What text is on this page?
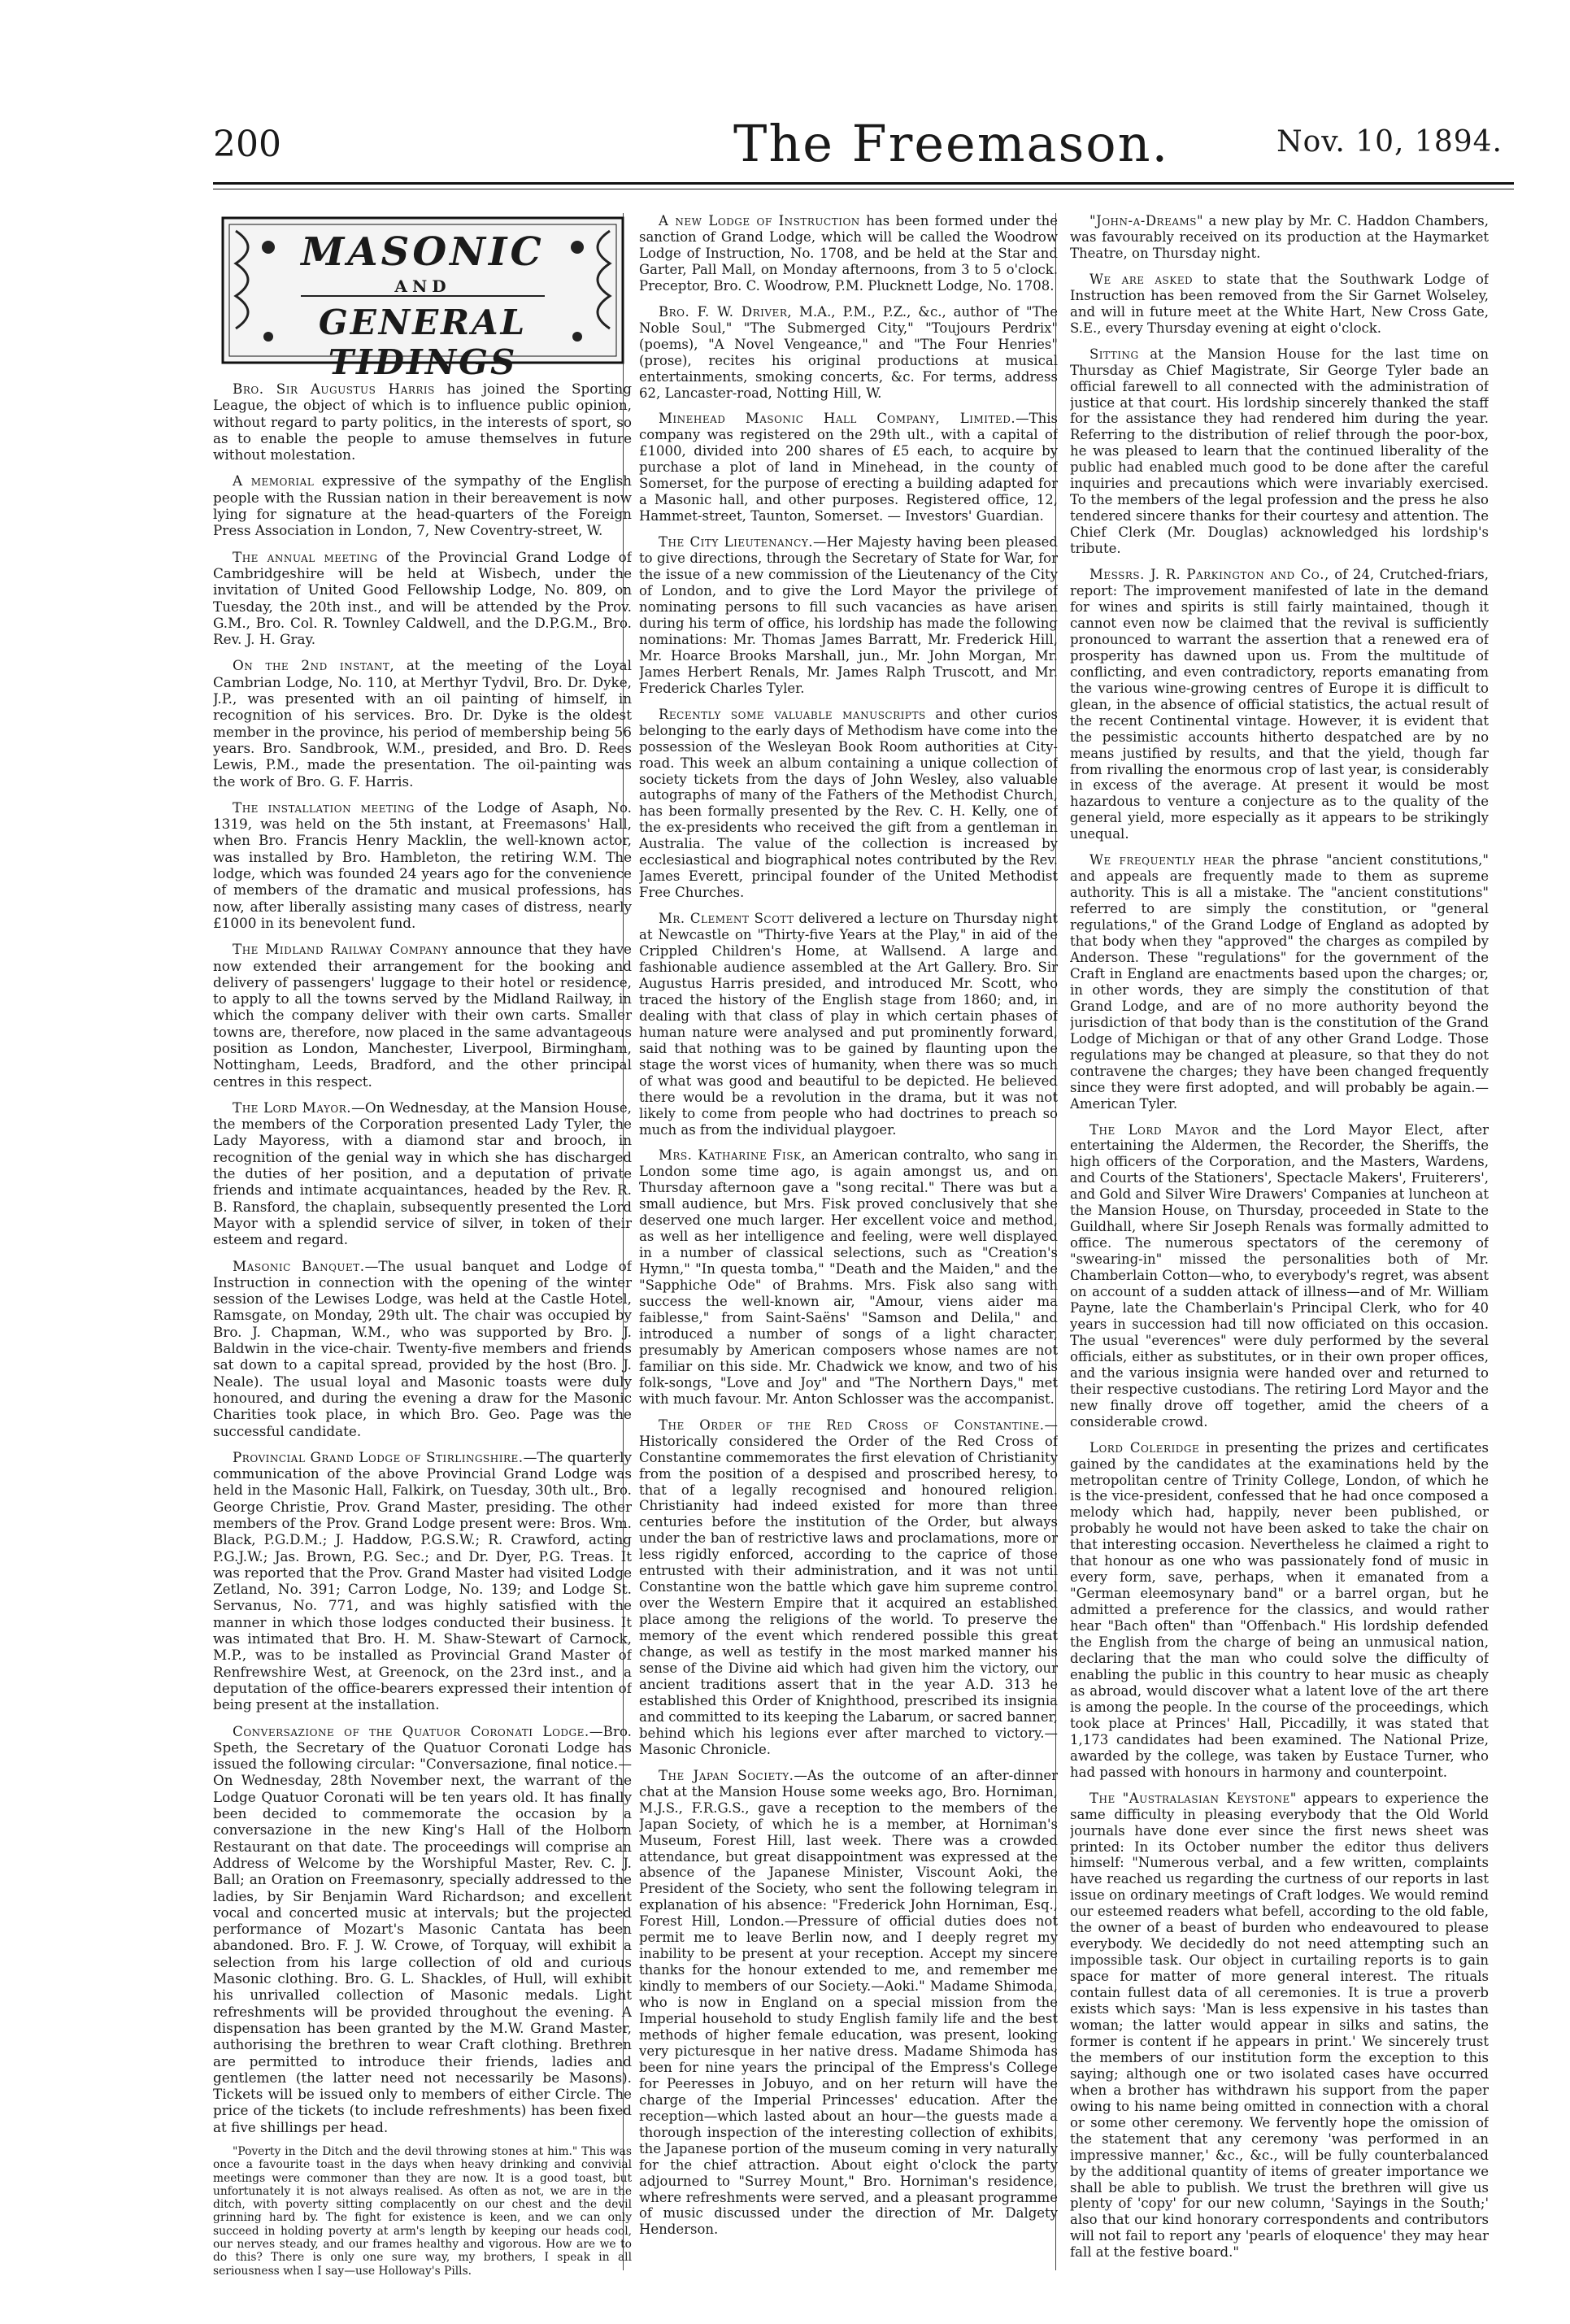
200	The Freemason.	Nov. 10, 1894.
MASONIC
AND
GENERAL TIDINGS

Bro. Sir Augustus Harris has joined the Sporting League, the object of which is to influence public opinion, without regard to party politics, in the interests of sport, so as to enable the people to amuse themselves in future without molestation.

A memorial expressive of the sympathy of the English people with the Russian nation in their bereavement is now lying for signature at the head-quarters of the Foreign Press Association in London, 7, New Coventry-street, W.

The annual meeting of the Provincial Grand Lodge of Cambridgeshire will be held at Wisbech, under the invitation of United Good Fellowship Lodge, No. 809, on Tuesday, the 20th inst., and will be attended by the Prov. G.M., Bro. Col. R. Townley Caldwell, and the D.P.G.M., Bro. Rev. J. H. Gray.

On the 2nd instant, at the meeting of the Loyal Cambrian Lodge, No. 110, at Merthyr Tydvil, Bro. Dr. Dyke, J.P., was presented with an oil painting of himself, in recognition of his services. Bro. Dr. Dyke is the oldest member in the province, his period of membership being 56 years. Bro. Sandbrook, W.M., presided, and Bro. D. Rees Lewis, P.M., made the presentation. The oil-painting was the work of Bro. G. F. Harris.

The installation meeting of the Lodge of Asaph, No. 1319, was held on the 5th instant, at Freemasons' Hall, when Bro. Francis Henry Macklin, the well-known actor, was installed by Bro. Hambleton, the retiring W.M. The lodge, which was founded 24 years ago for the convenience of members of the dramatic and musical professions, has now, after liberally assisting many cases of distress, nearly £1000 in its benevolent fund.

The Midland Railway Company announce that they have now extended their arrangement for the booking and delivery of passengers' luggage to their hotel or residence, to apply to all the towns served by the Midland Railway, in which the company deliver with their own carts. Smaller towns are, therefore, now placed in the same advantageous position as London, Manchester, Liverpool, Birmingham, Nottingham, Leeds, Bradford, and the other principal centres in this respect.

The Lord Mayor.—On Wednesday, at the Mansion House, the members of the Corporation presented Lady Tyler, the Lady Mayoress, with a diamond star and brooch, in recognition of the genial way in which she has discharged the duties of her position, and a deputation of private friends and intimate acquaintances, headed by the Rev. R. B. Ransford, the chaplain, subsequently presented the Lord Mayor with a splendid service of silver, in token of their esteem and regard.

Masonic Banquet.—The usual banquet and Lodge of Instruction in connection with the opening of the winter session of the Lewises Lodge, was held at the Castle Hotel, Ramsgate, on Monday, 29th ult. The chair was occupied by Bro. J. Chapman, W.M., who was supported by Bro. J. Baldwin in the vice-chair. Twenty-five members and friends sat down to a capital spread, provided by the host (Bro. J. Neale). The usual loyal and Masonic toasts were duly honoured, and during the evening a draw for the Masonic Charities took place, in which Bro. Geo. Page was the successful candidate.

Provincial Grand Lodge of Stirlingshire.—The quarterly communication of the above Provincial Grand Lodge was held in the Masonic Hall, Falkirk, on Tuesday, 30th ult., Bro. George Christie, Prov. Grand Master, presiding. The other members of the Prov. Grand Lodge present were: Bros. Wm. Black, P.G.D.M.; J. Haddow, P.G.S.W.; R. Crawford, acting P.G.J.W.; Jas. Brown, P.G. Sec.; and Dr. Dyer, P.G. Treas. It was reported that the Prov. Grand Master had visited Lodge Zetland, No. 391; Carron Lodge, No. 139; and Lodge St. Servanus, No. 771, and was highly satisfied with the manner in which those lodges conducted their business. It was intimated that Bro. H. M. Shaw-Stewart of Carnock, M.P., was to be installed as Provincial Grand Master of Renfrewshire West, at Greenock, on the 23rd inst., and a deputation of the office-bearers expressed their intention of being present at the installation.

Conversazione of the Quatuor Coronati Lodge.—Bro. Speth, the Secretary of the Quatuor Coronati Lodge has issued the following circular: "Conversazione, final notice.—On Wednesday, 28th November next, the warrant of the Lodge Quatuor Coronati will be ten years old. It has finally been decided to commemorate the occasion by a conversazione in the new King's Hall of the Holborn Restaurant on that date. The proceedings will comprise an Address of Welcome by the Worshipful Master, Rev. C. J. Ball; an Oration on Freemasonry, specially addressed to the ladies, by Sir Benjamin Ward Richardson; and excellent vocal and concerted music at intervals; but the projected performance of Mozart's Masonic Cantata has been abandoned. Bro. F. J. W. Crowe, of Torquay, will exhibit a selection from his large collection of old and curious Masonic clothing. Bro. G. L. Shackles, of Hull, will exhibit his unrivalled collection of Masonic medals. Light refreshments will be provided throughout the evening. A dispensation has been granted by the M.W. Grand Master, authorising the brethren to wear Craft clothing. Brethren are permitted to introduce their friends, ladies and gentlemen (the latter need not necessarily be Masons). Tickets will be issued only to members of either Circle. The price of the tickets (to include refreshments) has been fixed at five shillings per head.

"Poverty in the Ditch and the devil throwing stones at him." This was once a favourite toast in the days when heavy drinking and convivial meetings were commoner than they are now. It is a good toast, but unfortunately it is not always realised. As often as not, we are in the ditch, with poverty sitting complacently on our chest and the devil grinning hard by. The fight for existence is keen, and we can only succeed in holding poverty at arm's length by keeping our heads cool, our nerves steady, and our frames healthy and vigorous. How are we to do this? There is only one sure way, my brothers, I speak in all seriousness when I say—use Holloway's Pills.

A new Lodge of Instruction has been formed under the sanction of Grand Lodge, which will be called the Woodrow Lodge of Instruction, No. 1708, and be held at the Star and Garter, Pall Mall, on Monday afternoons, from 3 to 5 o'clock. Preceptor, Bro. C. Woodrow, P.M. Plucknett Lodge, No. 1708.

Bro. F. W. Driver, M.A., P.M., P.Z., &c., author of "The Noble Soul," "The Submerged City," "Toujours Perdrix" (poems), "A Novel Vengeance," and "The Four Henries" (prose), recites his original productions at musical entertainments, smoking concerts, &c. For terms, address 62, Lancaster-road, Notting Hill, W.

Minehead Masonic Hall Company, Limited.—This company was registered on the 29th ult., with a capital of £1000, divided into 200 shares of £5 each, to acquire by purchase a plot of land in Minehead, in the county of Somerset, for the purpose of erecting a building adapted for a Masonic hall, and other purposes. Registered office, 12, Hammet-street, Taunton, Somerset. — Investors' Guardian.

The City Lieutenancy.—Her Majesty having been pleased to give directions, through the Secretary of State for War, for the issue of a new commission of the Lieutenancy of the City of London, and to give the Lord Mayor the privilege of nominating persons to fill such vacancies as have arisen during his term of office, his lordship has made the following nominations: Mr. Thomas James Barratt, Mr. Frederick Hill, Mr. Hoarce Brooks Marshall, jun., Mr. John Morgan, Mr. James Herbert Renals, Mr. James Ralph Truscott, and Mr. Frederick Charles Tyler.

Recently some valuable manuscripts and other curios belonging to the early days of Methodism have come into the possession of the Wesleyan Book Room authorities at City-road. This week an album containing a unique collection of society tickets from the days of John Wesley, also valuable autographs of many of the Fathers of the Methodist Church, has been formally presented by the Rev. C. H. Kelly, one of the ex-presidents who received the gift from a gentleman in Australia. The value of the collection is increased by ecclesiastical and biographical notes contributed by the Rev. James Everett, principal founder of the United Methodist Free Churches.

Mr. Clement Scott delivered a lecture on Thursday night at Newcastle on "Thirty-five Years at the Play," in aid of the Crippled Children's Home, at Wallsend. A large and fashionable audience assembled at the Art Gallery. Bro. Sir Augustus Harris presided, and introduced Mr. Scott, who traced the history of the English stage from 1860; and, in dealing with that class of play in which certain phases of human nature were analysed and put prominently forward, said that nothing was to be gained by flaunting upon the stage the worst vices of humanity, when there was so much of what was good and beautiful to be depicted. He believed there would be a revolution in the drama, but it was not likely to come from people who had doctrines to preach so much as from the individual playgoer.

Mrs. Katharine Fisk, an American contralto, who sang in London some time ago, is again amongst us, and on Thursday afternoon gave a "song recital." There was but a small audience, but Mrs. Fisk proved conclusively that she deserved one much larger. Her excellent voice and method, as well as her intelligence and feeling, were well displayed in a number of classical selections, such as "Creation's Hymn," "In questa tomba," "Death and the Maiden," and the "Sapphiche Ode" of Brahms. Mrs. Fisk also sang with success the well-known air, "Amour, viens aider ma faiblesse," from Saint-Saëns' "Samson and Delila," and introduced a number of songs of a light character, presumably by American composers whose names are not familiar on this side. Mr. Chadwick we know, and two of his folk-songs, "Love and Joy" and "The Northern Days," met with much favour. Mr. Anton Schlosser was the accompanist.

The Order of the Red Cross of Constantine.—Historically considered the Order of the Red Cross of Constantine commemorates the first elevation of Christianity from the position of a despised and proscribed heresy, to that of a legally recognised and honoured religion. Christianity had indeed existed for more than three centuries before the institution of the Order, but always under the ban of restrictive laws and proclamations, more or less rigidly enforced, according to the caprice of those entrusted with their administration, and it was not until Constantine won the battle which gave him supreme control over the Western Empire that it acquired an established place among the religions of the world. To preserve the memory of the event which rendered possible this great change, as well as testify in the most marked manner his sense of the Divine aid which had given him the victory, our ancient traditions assert that in the year A.D. 313 he established this Order of Knighthood, prescribed its insignia and committed to its keeping the Labarum, or sacred banner, behind which his legions ever after marched to victory.—Masonic Chronicle.

The Japan Society.—As the outcome of an after-dinner chat at the Mansion House some weeks ago, Bro. Horniman, M.J.S., F.R.G.S., gave a reception to the members of the Japan Society, of which he is a member, at Horniman's Museum, Forest Hill, last week. There was a crowded attendance, but great disappointment was expressed at the absence of the Japanese Minister, Viscount Aoki, the President of the Society, who sent the following telegram in explanation of his absence: "Frederick John Horniman, Esq., Forest Hill, London.—Pressure of official duties does not permit me to leave Berlin now, and I deeply regret my inability to be present at your reception. Accept my sincere thanks for the honour extended to me, and remember me kindly to members of our Society.—Aoki." Madame Shimoda, who is now in England on a special mission from the Imperial household to study English family life and the best methods of higher female education, was present, looking very picturesque in her native dress. Madame Shimoda has been for nine years the principal of the Empress's College for Peeresses in Jobuyo, and on her return will have the charge of the Imperial Princesses' education. After the reception—which lasted about an hour—the guests made a thorough inspection of the interesting collection of exhibits, the Japanese portion of the museum coming in very naturally for the chief attraction. About eight o'clock the party adjourned to "Surrey Mount," Bro. Horniman's residence, where refreshments were served, and a pleasant programme of music discussed under the direction of Mr. Dalgety Henderson.

"John-a-Dreams" a new play by Mr. C. Haddon Chambers, was favourably received on its production at the Haymarket Theatre, on Thursday night.

We are asked to state that the Southwark Lodge of Instruction has been removed from the Sir Garnet Wolseley, and will in future meet at the White Hart, New Cross Gate, S.E., every Thursday evening at eight o'clock.

Sitting at the Mansion House for the last time on Thursday as Chief Magistrate, Sir George Tyler bade an official farewell to all connected with the administration of justice at that court. His lordship sincerely thanked the staff for the assistance they had rendered him during the year. Referring to the distribution of relief through the poor-box, he was pleased to learn that the continued liberality of the public had enabled much good to be done after the careful inquiries and precautions which were invariably exercised. To the members of the legal profession and the press he also tendered sincere thanks for their courtesy and attention. The Chief Clerk (Mr. Douglas) acknowledged his lordship's tribute.

Messrs. J. R. Parkington and Co., of 24, Crutched-friars, report: The improvement manifested of late in the demand for wines and spirits is still fairly maintained, though it cannot even now be claimed that the revival is sufficiently pronounced to warrant the assertion that a renewed era of prosperity has dawned upon us. From the multitude of conflicting, and even contradictory, reports emanating from the various wine-growing centres of Europe it is difficult to glean, in the absence of official statistics, the actual result of the recent Continental vintage. However, it is evident that the pessimistic accounts hitherto despatched are by no means justified by results, and that the yield, though far from rivalling the enormous crop of last year, is considerably in excess of the average. At present it would be most hazardous to venture a conjecture as to the quality of the general yield, more especially as it appears to be strikingly unequal.

We frequently hear the phrase "ancient constitutions," and appeals are frequently made to them as supreme authority. This is all a mistake. The "ancient constitutions" referred to are simply the constitution, or "general regulations," of the Grand Lodge of England as adopted by that body when they "approved" the charges as compiled by Anderson. These "regulations" for the government of the Craft in England are enactments based upon the charges; or, in other words, they are simply the constitution of that Grand Lodge, and are of no more authority beyond the jurisdiction of that body than is the constitution of the Grand Lodge of Michigan or that of any other Grand Lodge. Those regulations may be changed at pleasure, so that they do not contravene the charges; they have been changed frequently since they were first adopted, and will probably be again.—American Tyler.

The Lord Mayor and the Lord Mayor Elect, after entertaining the Aldermen, the Recorder, the Sheriffs, the high officers of the Corporation, and the Masters, Wardens, and Courts of the Stationers', Spectacle Makers', Fruiterers', and Gold and Silver Wire Drawers' Companies at luncheon at the Mansion House, on Thursday, proceeded in State to the Guildhall, where Sir Joseph Renals was formally admitted to office. The numerous spectators of the ceremony of "swearing-in" missed the personalities both of Mr. Chamberlain Cotton—who, to everybody's regret, was absent on account of a sudden attack of illness—and of Mr. William Payne, late the Chamberlain's Principal Clerk, who for 40 years in succession had till now officiated on this occasion. The usual "everences" were duly performed by the several officials, either as substitutes, or in their own proper offices, and the various insignia were handed over and returned to their respective custodians. The retiring Lord Mayor and the new finally drove off together, amid the cheers of a considerable crowd.

Lord Coleridge in presenting the prizes and certificates gained by the candidates at the examinations held by the metropolitan centre of Trinity College, London, of which he is the vice-president, confessed that he had once composed a melody which had, happily, never been published, or probably he would not have been asked to take the chair on that interesting occasion. Nevertheless he claimed a right to that honour as one who was passionately fond of music in every form, save, perhaps, when it emanated from a "German eleemosynary band" or a barrel organ, but he admitted a preference for the classics, and would rather hear "Bach often" than "Offenbach." His lordship defended the English from the charge of being an unmusical nation, declaring that the man who could solve the difficulty of enabling the public in this country to hear music as cheaply as abroad, would discover what a latent love of the art there is among the people. In the course of the proceedings, which took place at Princes' Hall, Piccadilly, it was stated that 1,173 candidates had been examined. The National Prize, awarded by the college, was taken by Eustace Turner, who had passed with honours in harmony and counterpoint.

The "Australasian Keystone" appears to experience the same difficulty in pleasing everybody that the Old World journals have done ever since the first news sheet was printed: In its October number the editor thus delivers himself: "Numerous verbal, and a few written, complaints have reached us regarding the curtness of our reports in last issue on ordinary meetings of Craft lodges. We would remind our esteemed readers what befell, according to the old fable, the owner of a beast of burden who endeavoured to please everybody. We decidedly do not need attempting such an impossible task. Our object in curtailing reports is to gain space for matter of more general interest. The rituals contain fullest data of all ceremonies. It is true a proverb exists which says: 'Man is less expensive in his tastes than woman; the latter would appear in silks and satins, the former is content if he appears in print.' We sincerely trust the members of our institution form the exception to this saying; although one or two isolated cases have occurred when a brother has withdrawn his support from the paper owing to his name being omitted in connection with a choral or some other ceremony. We fervently hope the omission of the statement that any ceremony 'was performed in an impressive manner,' &c., &c., will be fully counterbalanced by the additional quantity of items of greater importance we shall be able to publish. We trust the brethren will give us plenty of 'copy' for our new column, 'Sayings in the South;' also that our kind honorary correspondents and contributors will not fail to report any 'pearls of eloquence' they may hear fall at the festive board."
